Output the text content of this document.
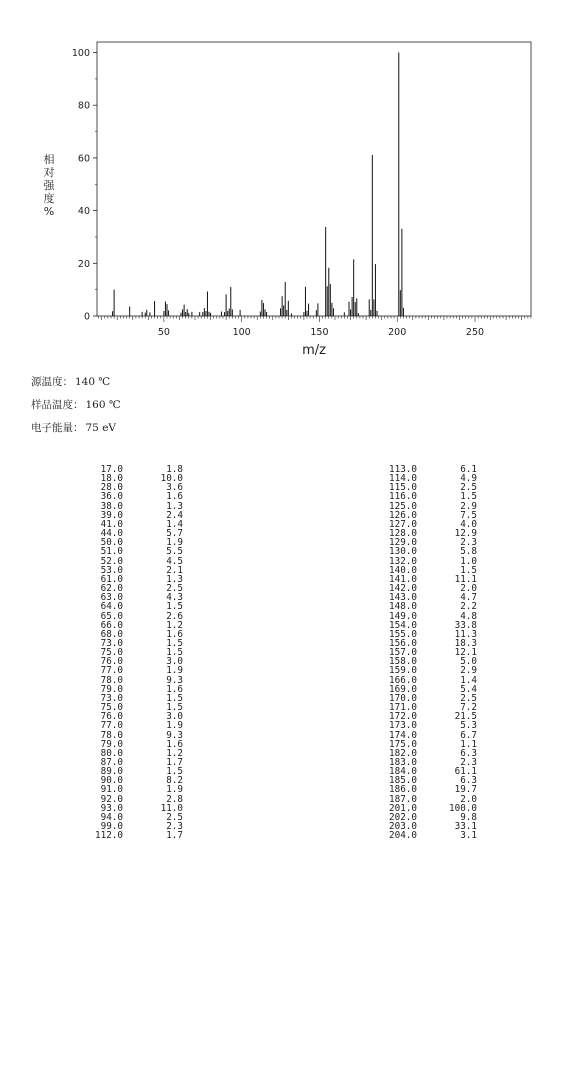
0
20
40
60
80
100
50	100	150	200	250
相对强度%
m/z
源温度： 140 ℃
样品温度： 160 ℃
电子能量： 75 eV
17.0	1.8
18.0	10.0
28.0	3.6
36.0	1.6
38.0	1.3
39.0	2.4
41.0	1.4
44.0	5.7
50.0	1.9
51.0	5.5
52.0	4.5
53.0	2.1
61.0	1.3
62.0	2.5
63.0	4.3
64.0	1.5
65.0	2.6
66.0	1.2
68.0	1.6
73.0	1.5
75.0	1.5
76.0	3.0
77.0	1.9
78.0	9.3
79.0	1.6
73.0	1.5
75.0	1.5
76.0	3.0
77.0	1.9
78.0	9.3
79.0	1.6
80.0	1.2
87.0	1.7
89.0	1.5
90.0	8.2
91.0	1.9
92.0	2.8
93.0	11.0
94.0	2.5
99.0	2.3
112.0	1.7
113.0	6.1
114.0	4.9
115.0	2.5
116.0	1.5
125.0	2.9
126.0	7.5
127.0	4.0
128.0	12.9
129.0	2.3
130.0	5.8
132.0	1.0
140.0	1.5
141.0	11.1
142.0	2.0
143.0	4.7
148.0	2.2
149.0	4.8
154.0	33.8
155.0	11.3
156.0	18.3
157.0	12.1
158.0	5.0
159.0	2.9
166.0	1.4
169.0	5.4
170.0	2.5
171.0	7.2
172.0	21.5
173.0	5.3
174.0	6.7
175.0	1.1
182.0	6.3
183.0	2.3
184.0	61.1
185.0	6.3
186.0	19.7
187.0	2.0
201.0	100.0
202.0	9.8
203.0	33.1
204.0	3.1
